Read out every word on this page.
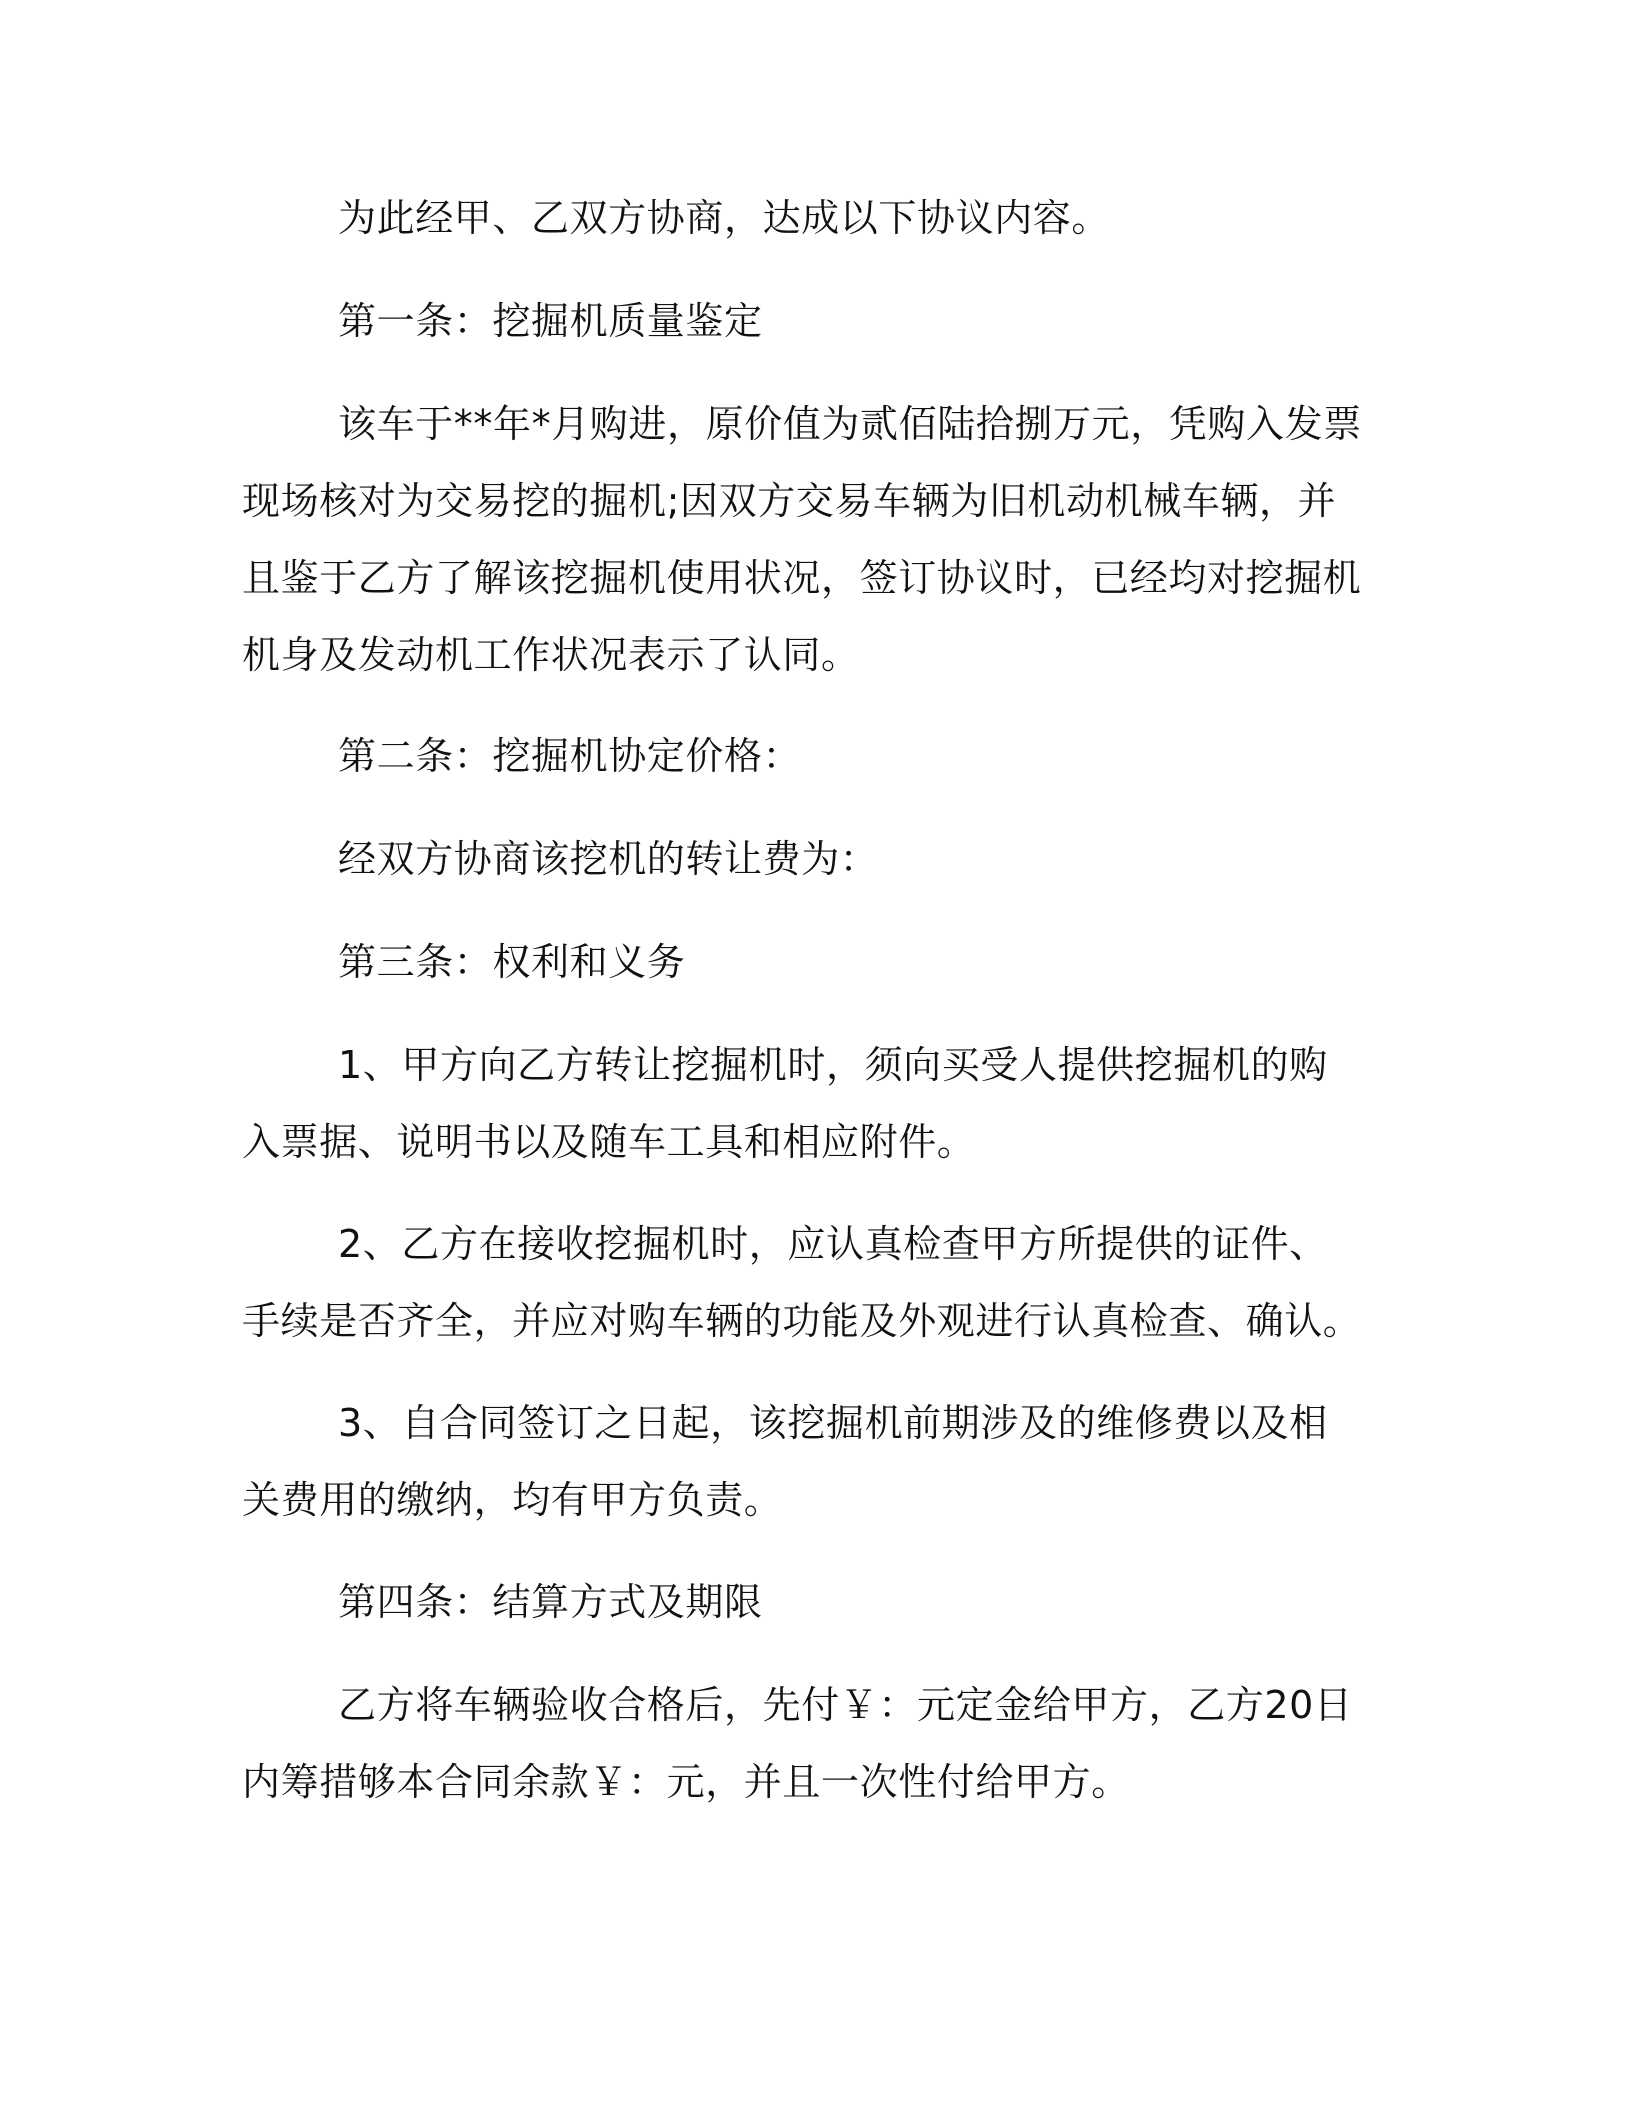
为此经甲、乙双方协商，达成以下协议内容。

第一条：挖掘机质量鉴定

该车于**年*月购进，原价值为贰佰陆拾捌万元，凭购入发票现场核对为交易挖的掘机;因双方交易车辆为旧机动机械车辆，并且鉴于乙方了解该挖掘机使用状况，签订协议时，已经均对挖掘机机身及发动机工作状况表示了认同。

第二条：挖掘机协定价格：

经双方协商该挖机的转让费为：

第三条：权利和义务

1、甲方向乙方转让挖掘机时，须向买受人提供挖掘机的购入票据、说明书以及随车工具和相应附件。

2、乙方在接收挖掘机时，应认真检查甲方所提供的证件、手续是否齐全，并应对购车辆的功能及外观进行认真检查、确认。

3、自合同签订之日起，该挖掘机前期涉及的维修费以及相关费用的缴纳，均有甲方负责。

第四条：结算方式及期限

乙方将车辆验收合格后，先付￥：元定金给甲方，乙方20日内筹措够本合同余款￥：元，并且一次性付给甲方。
